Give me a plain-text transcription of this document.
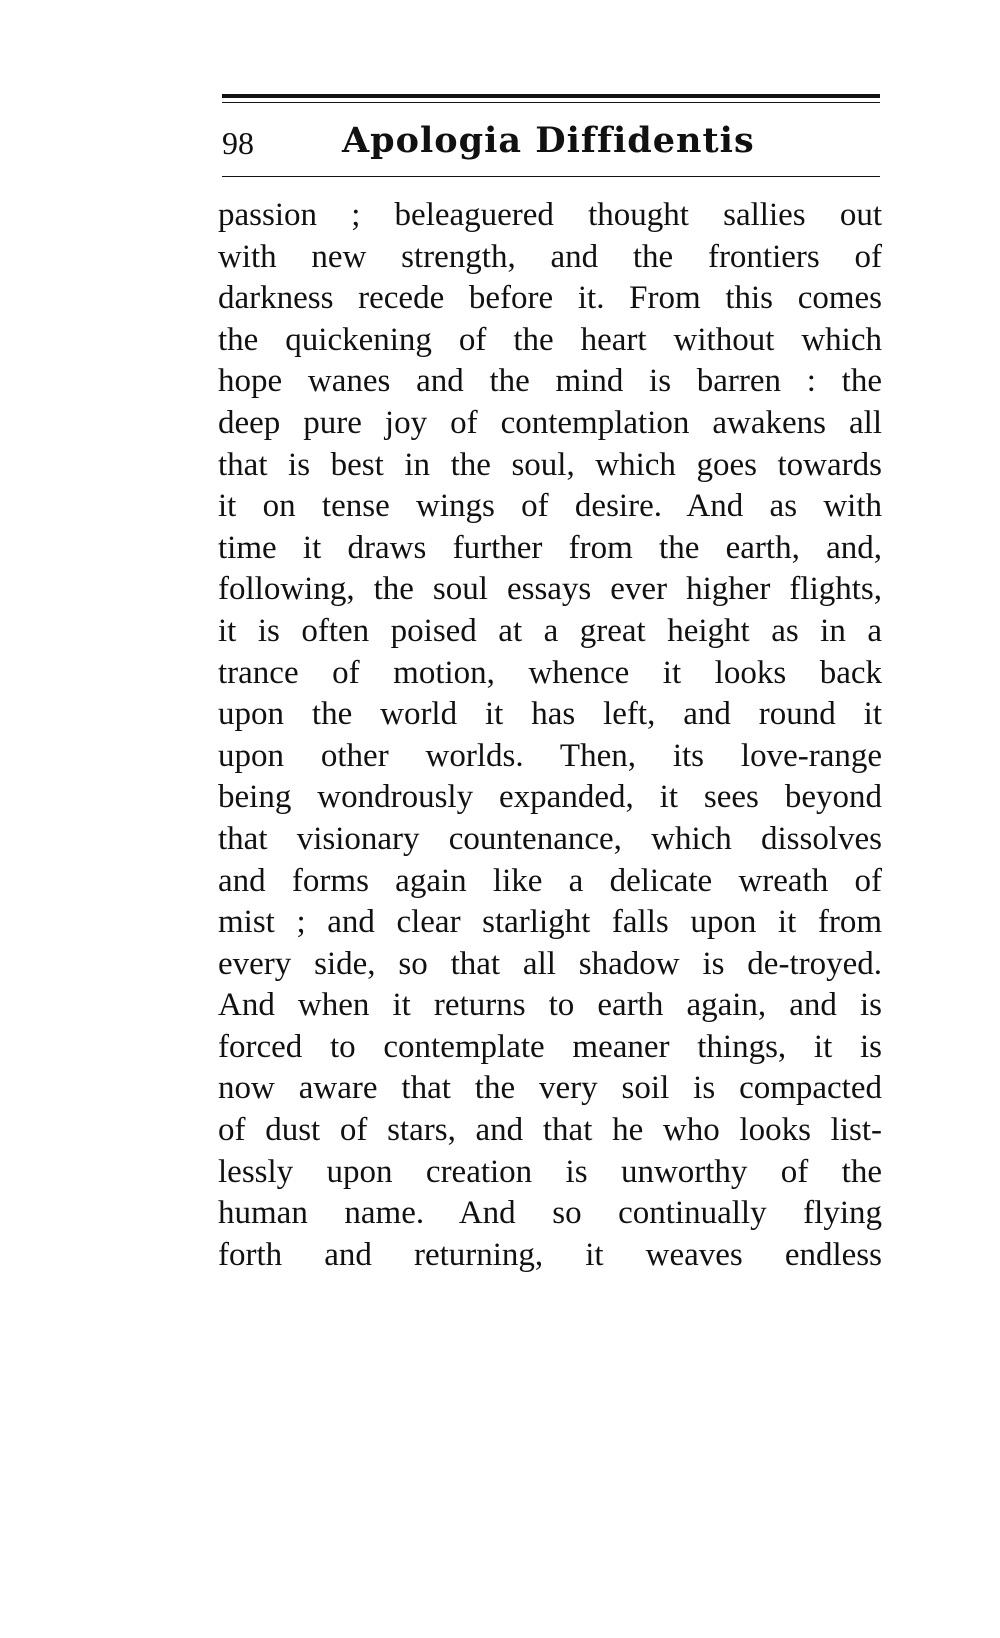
98	Apologia Diffidentis
passion ; beleaguered thought sallies out
with new strength, and the frontiers of
darkness recede before it. From this comes
the quickening of the heart without which
hope wanes and the mind is barren : the
deep pure joy of contemplation awakens all
that is best in the soul, which goes towards
it on tense wings of desire. And as with
time it draws further from the earth, and,
following, the soul essays ever higher flights,
it is often poised at a great height as in a
trance of motion, whence it looks back
upon the world it has left, and round it
upon other worlds. Then, its love-range
being wondrously expanded, it sees beyond
that visionary countenance, which dissolves
and forms again like a delicate wreath of
mist ; and clear starlight falls upon it from
every side, so that all shadow is de-troyed.
And when it returns to earth again, and is
forced to contemplate meaner things, it is
now aware that the very soil is compacted
of dust of stars, and that he who looks list-
lessly upon creation is unworthy of the
human name. And so continually flying
forth and returning, it weaves endless
